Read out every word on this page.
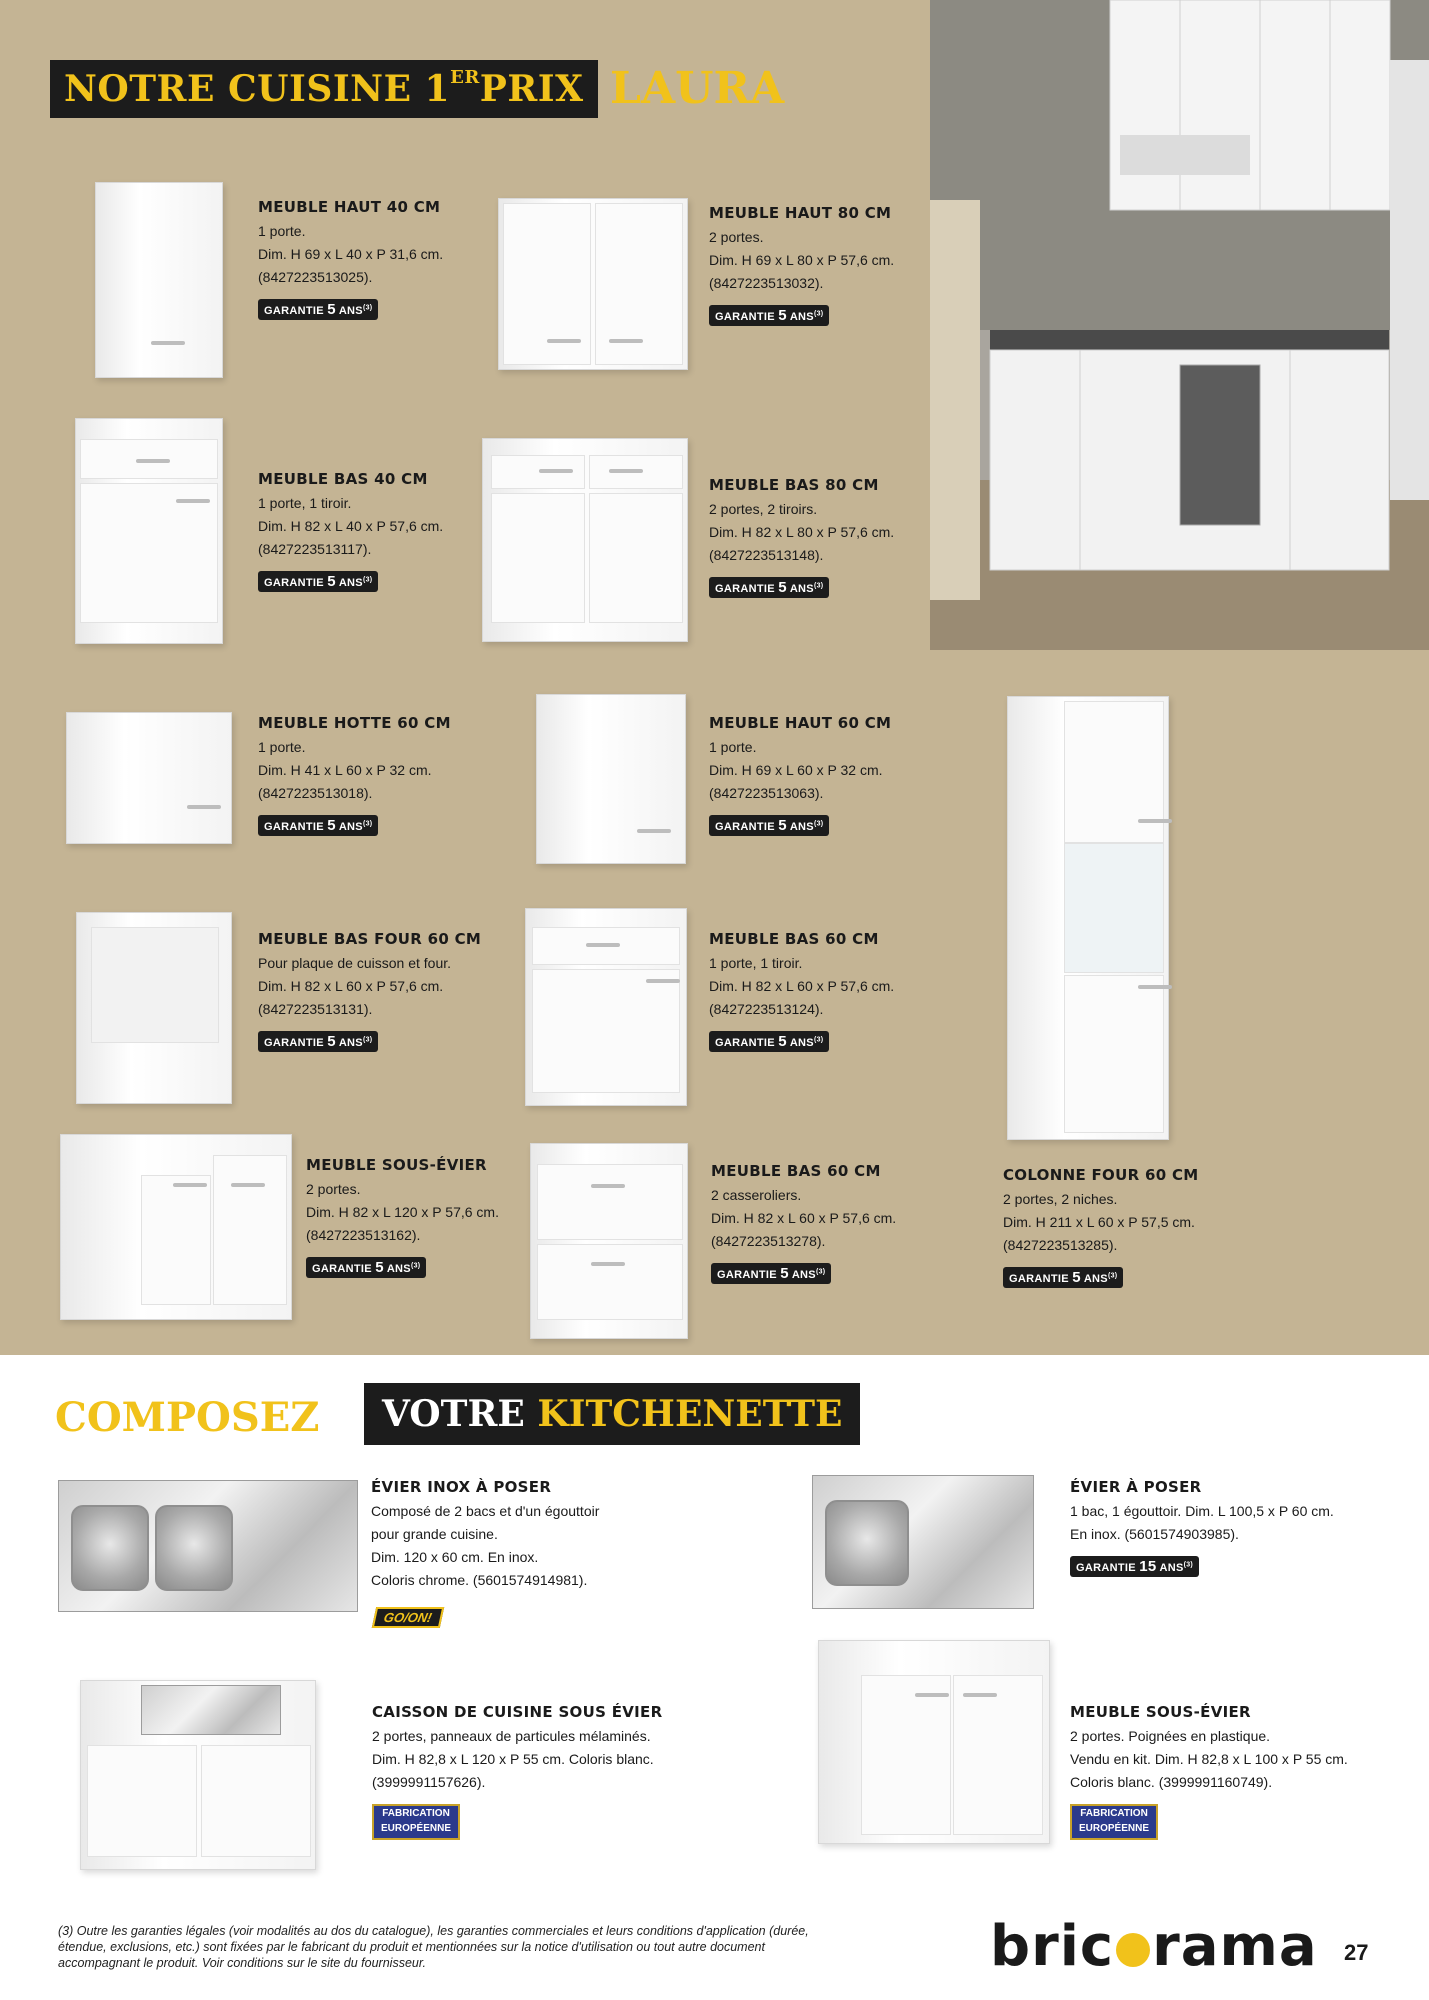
NOTRE CUISINE 1ERPRIX LAURA
MEUBLE HAUT 40 CM
1 porte.
Dim. H 69 x L 40 x P 31,6 cm.
(8427223513025).
GARANTIE 5 ANS$^{(3)}$
MEUBLE HAUT 80 CM
2 portes.
Dim. H 69 x L 80 x P 57,6 cm.
(8427223513032).
GARANTIE 5 ANS$^{(3)}$
MEUBLE BAS 40 CM
1 porte, 1 tiroir.
Dim. H 82 x L 40 x P 57,6 cm.
(8427223513117).
GARANTIE 5 ANS$^{(3)}$
MEUBLE BAS 80 CM
2 portes, 2 tiroirs.
Dim. H 82 x L 80 x P 57,6 cm.
(8427223513148).
GARANTIE 5 ANS$^{(3)}$
MEUBLE HOTTE 60 CM
1 porte.
Dim. H 41 x L 60 x P 32 cm.
(8427223513018).
GARANTIE 5 ANS$^{(3)}$
MEUBLE HAUT 60 CM
1 porte.
Dim. H 69 x L 60 x P 32 cm.
(8427223513063).
GARANTIE 5 ANS$^{(3)}$
MEUBLE BAS FOUR 60 CM
Pour plaque de cuisson et four.
Dim. H 82 x L 60 x P 57,6 cm.
(8427223513131).
GARANTIE 5 ANS$^{(3)}$
MEUBLE BAS 60 CM
1 porte, 1 tiroir.
Dim. H 82 x L 60 x P 57,6 cm.
(8427223513124).
GARANTIE 5 ANS$^{(3)}$
MEUBLE SOUS-ÉVIER
2 portes.
Dim. H 82 x L 120 x P 57,6 cm.
(8427223513162).
GARANTIE 5 ANS$^{(3)}$
MEUBLE BAS 60 CM
2 casseroliers.
Dim. H 82 x L 60 x P 57,6 cm.
(8427223513278).
GARANTIE 5 ANS$^{(3)}$
COLONNE FOUR 60 CM
2 portes, 2 niches.
Dim. H 211 x L 60 x P 57,5 cm.
(8427223513285).
GARANTIE 5 ANS$^{(3)}$
COMPOSEZ	VOTRE KITCHENETTE
ÉVIER INOX À POSER
Composé de 2 bacs et d'un égouttoir
pour grande cuisine.
Dim. 120 x 60 cm. En inox.
Coloris chrome. (5601574914981).
GO/ON!
ÉVIER À POSER
1 bac, 1 égouttoir. Dim. L 100,5 x P 60 cm.
En inox. (5601574903985).
GARANTIE 15 ANS$^{(3)}$
CAISSON DE CUISINE SOUS ÉVIER
2 portes, panneaux de particules mélaminés.
Dim. H 82,8 x L 120 x P 55 cm. Coloris blanc.
(3999991157626).
FABRICATION
EUROPÉENNE
MEUBLE SOUS-ÉVIER
2 portes. Poignées en plastique.
Vendu en kit. Dim. H 82,8 x L 100 x P 55 cm.
Coloris blanc. (3999991160749).
FABRICATION
EUROPÉENNE
(3) Outre les garanties légales (voir modalités au dos du catalogue), les garanties commerciales et leurs conditions d'application (durée,
étendue, exclusions, etc.) sont fixées par le fabricant du produit et mentionnées sur la notice d'utilisation ou tout autre document
accompagnant le produit. Voir conditions sur le site du fournisseur.	bric rama 27
